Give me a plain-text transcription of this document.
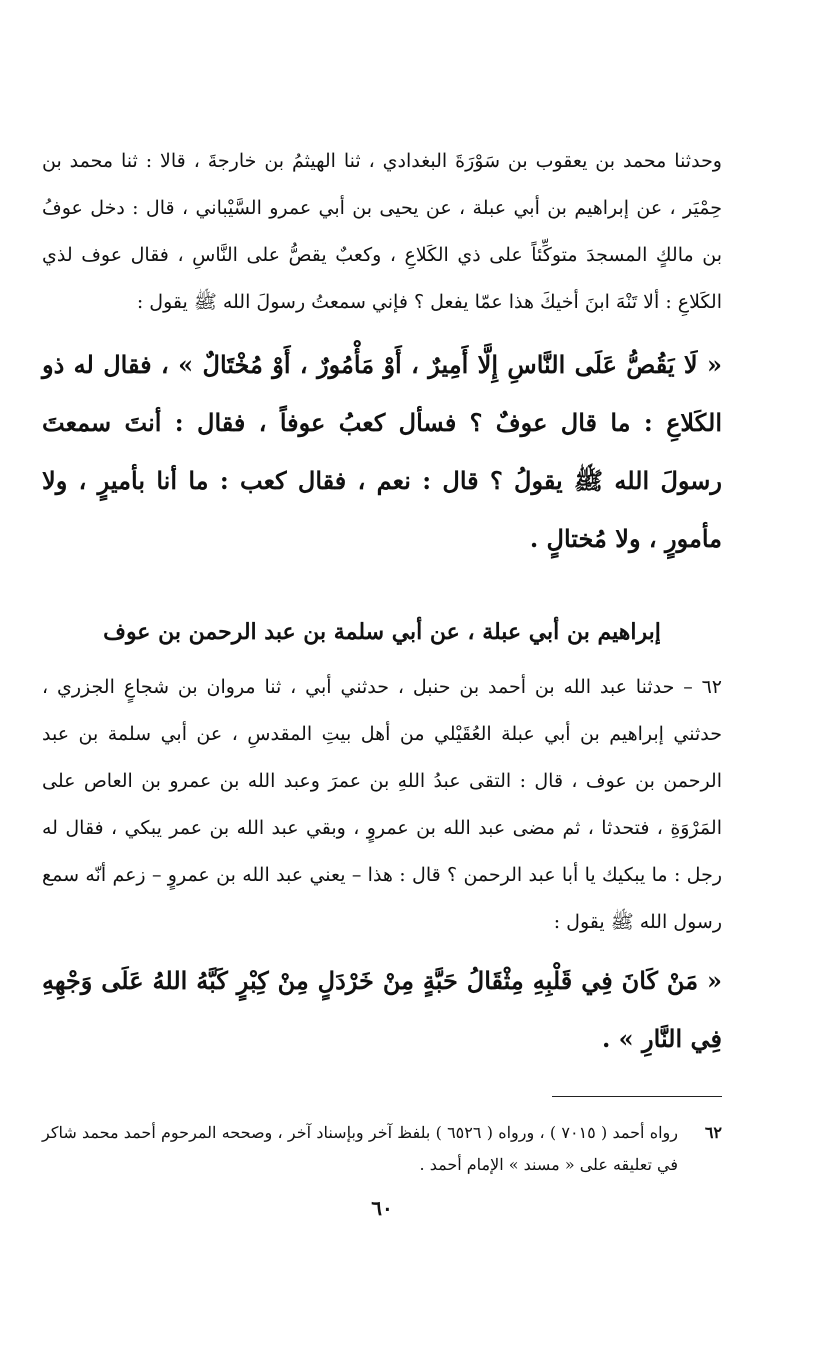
وحدثنا محمد بن يعقوب بن سَوْرَةَ البغدادي ، ثنا الهيثمُ بن خارجةَ ، قالا : ثنا محمد بن حِمْيَر ، عن إبراهيم بن أبي عبلة ، عن يحيى بن أبي عمرو السَّيْباني ، قال : دخل عوفُ بن مالكٍ المسجدَ متوكِّئاً على ذي الكَلاعِ ، وكعبٌ يقصُّ على النَّاسِ ، فقال عوف لذي الكَلاعِ : ألا تَنْهَ ابنَ أخيكَ هذا عمّا يفعل ؟ فإني سمعتُ رسولَ الله ﷺ يقول :

« لَا يَقُصُّ عَلَى النَّاسِ إِلَّا أَمِيرٌ ، أَوْ مَأْمُورٌ ، أَوْ مُخْتَالٌ » ، فقال له ذو الكَلاعِ : ما قال عوفٌ ؟ فسأل كعبُ عوفاً ، فقال : أنتَ سمعتَ رسولَ الله ﷺ يقولُ ؟ قال : نعم ، فقال كعب : ما أنا بأميرٍ ، ولا مأمورٍ ، ولا مُختالٍ .

إبراهيم بن أبي عبلة ، عن أبي سلمة بن عبد الرحمن بن عوف

٦٢ – حدثنا عبد الله بن أحمد بن حنبل ، حدثني أبي ، ثنا مروان بن شجاعٍ الجزري ، حدثني إبراهيم بن أبي عبلة العُقَيْلي من أهل بيتِ المقدسِ ، عن أبي سلمة بن عبد الرحمن بن عوف ، قال : التقى عبدُ اللهِ بن عمرَ وعبد الله بن عمرو بن العاص على المَرْوَةِ ، فتحدثا ، ثم مضى عبد الله بن عمروٍ ، وبقي عبد الله بن عمر يبكي ، فقال له رجل : ما يبكيك يا أبا عبد الرحمن ؟ قال : هذا – يعني عبد الله بن عمروٍ – زعم أنّه سمع رسول الله ﷺ يقول :

« مَنْ كَانَ فِي قَلْبِهِ مِثْقَالُ حَبَّةٍ مِنْ خَرْدَلٍ مِنْ كِبْرٍ كَبَّهُ اللهُ عَلَى وَجْهِهِ فِي النَّارِ » .

٦٢
رواه أحمد ( ٧٠١٥ ) ، ورواه ( ٦٥٢٦ ) بلفظ آخر وبإسناد آخر ، وصححه المرحوم أحمد محمد شاكر في تعليقه على « مسند » الإمام أحمد .
٦٠
